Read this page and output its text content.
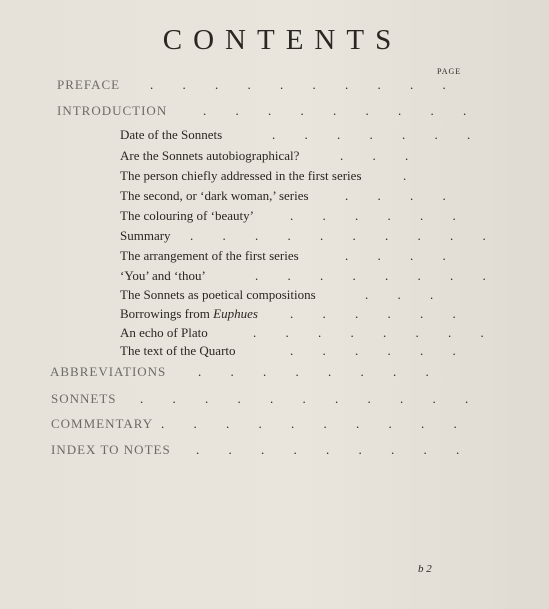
CONTENTS
PAGE
PREFACE . . . . . . . . . .
INTRODUCTION	. . . . . . . . .
Date of the Sonnets	. . . . . . .
Are the Sonnets autobiographical?	. . .
The person chiefly addressed in the first series	.
The second, or ‘dark woman,’ series	. . . .
The colouring of ‘beauty’	. . . . . .
Summary . . . . . . . . . .
The arrangement of the first series	. . . .
‘You’ and ‘thou’	. . . . . . . .
The Sonnets as poetical compositions	. . .
Borrowings from Euphues . . . . . .
An echo of Plato	. . . . . . . .
The text of the Quarto	. . . . . .
ABBREVIATIONS . . . . . . . .
SONNETS . . . . . . . . . . .
COMMENTARY . . . . . . . . . .
INDEX TO NOTES . . . . . . . . .
b 2
